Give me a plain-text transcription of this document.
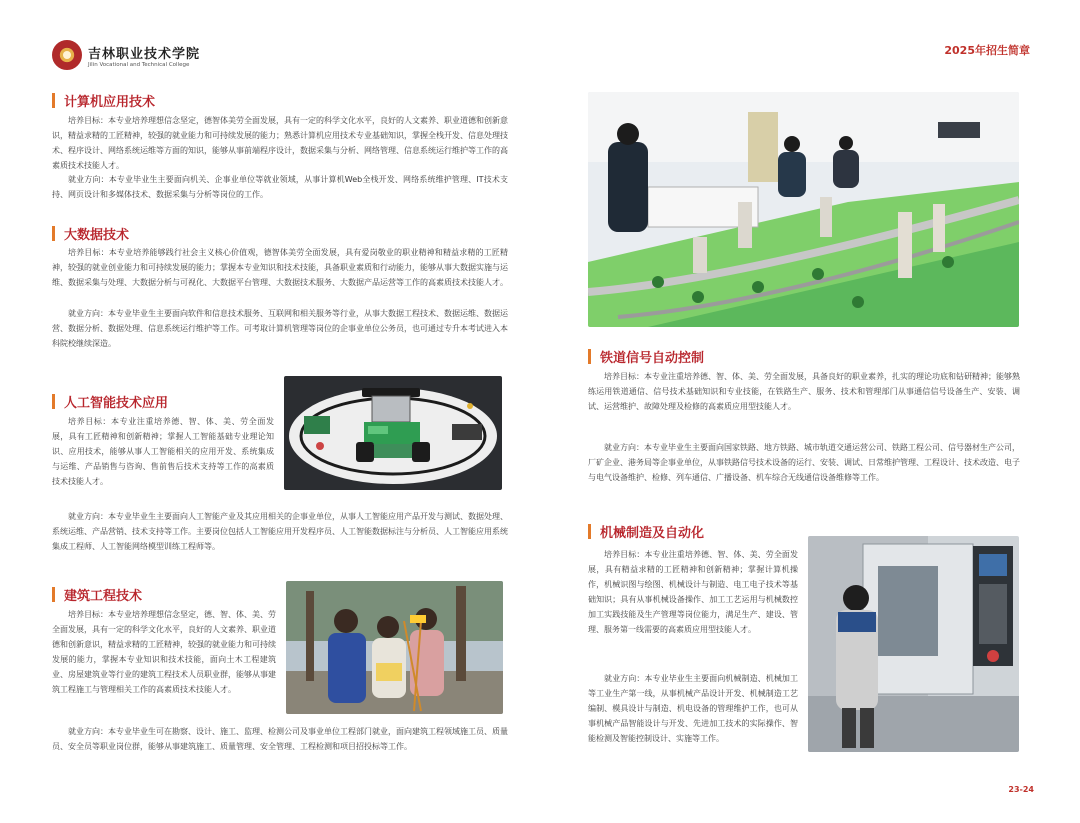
吉林职业技术学院
Jilin Vocational and Technical College
2025年招生简章
计算机应用技术

培养目标：本专业培养理想信念坚定，德智体美劳全面发展，具有一定的科学文化水平，良好的人文素养、职业道德和创新意识，精益求精的工匠精神，较强的就业能力和可持续发展的能力；熟悉计算机应用技术专业基础知识，掌握全栈开发、信息处理技术、程序设计、网络系统运维等方面的知识，能够从事前端程序设计，数据采集与分析、网络管理、信息系统运行维护等工作的高素质技术技能人才。

就业方向：本专业毕业生主要面向机关、企事业单位等就业领域，从事计算机Web全栈开发、网络系统维护管理、IT技术支持、网页设计和多媒体技术、数据采集与分析等岗位的工作。

大数据技术

培养目标：本专业培养能够践行社会主义核心价值观，德智体美劳全面发展，具有爱岗敬业的职业精神和精益求精的工匠精神，较强的就业创业能力和可持续发展的能力；掌握本专业知识和技术技能，具备职业素质和行动能力，能够从事大数据实施与运维、数据采集与处理、大数据分析与可视化、大数据平台管理、大数据技术服务、大数据产品运营等工作的高素质技术技能人才。

就业方向：本专业毕业生主要面向软件和信息技术服务、互联网和相关服务等行业，从事大数据工程技术、数据运维、数据运营、数据分析、数据处理、信息系统运行维护等工作。可考取计算机管理等岗位的企事业单位公务员，也可通过专升本考试进入本科院校继续深造。

人工智能技术应用

培养目标：本专业注重培养德、智、体、美、劳全面发展，具有工匠精神和创新精神；掌握人工智能基础专业理论知识、应用技术，能够从事人工智能相关的应用开发、系统集成与运维、产品销售与咨询、售前售后技术支持等工作的高素质技术技能人才。

就业方向：本专业毕业生主要面向人工智能产业及其应用相关的企事业单位，从事人工智能应用产品开发与测试、数据处理、系统运维、产品营销、技术支持等工作。主要岗位包括人工智能应用开发程序员、人工智能数据标注与分析员、人工智能应用系统集成工程师、人工智能网络模型训练工程师等。

建筑工程技术

培养目标：本专业培养理想信念坚定，德、智、体、美、劳全面发展，具有一定的科学文化水平，良好的人文素养、职业道德和创新意识，精益求精的工匠精神，较强的就业能力和可持续发展的能力，掌握本专业知识和技术技能，面向土木工程建筑业、房屋建筑业等行业的建筑工程技术人员职业群，能够从事建筑工程施工与管理相关工作的高素质技术技能人才。

就业方向：本专业毕业生可在勘察、设计、施工、监理、检测公司及事业单位工程部门就业，面向建筑工程领域施工员、质量员、安全员等职业岗位群，能够从事建筑施工、质量管理、安全管理、工程检测和项目招投标等工作。

铁道信号自动控制

培养目标：本专业注重培养德、智、体、美、劳全面发展，具备良好的职业素养，扎实的理论功底和钻研精神；能够熟练运用铁道通信、信号技术基础知识和专业技能，在铁路生产、服务、技术和管理部门从事通信信号设备生产、安装、调试、运营维护、故障处理及检修的高素质应用型技能人才。

就业方向：本专业毕业生主要面向国家铁路、地方铁路、城市轨道交通运营公司、铁路工程公司、信号器材生产公司，厂矿企业、港务局等企事业单位，从事铁路信号技术设备的运行、安装、调试、日常维护管理、工程设计、技术改造、电子与电气设备维护、检修、列车通信、广播设备、机车综合无线通信设备维修等工作。

机械制造及自动化

培养目标：本专业注重培养德、智、体、美、劳全面发展，具有精益求精的工匠精神和创新精神；掌握计算机操作，机械识图与绘图、机械设计与制造、电工电子技术等基础知识；具有从事机械设备操作、加工工艺运用与机械数控加工实践技能及生产管理等岗位能力，满足生产、建设、管理、服务第一线需要的高素质应用型技能人才。

就业方向：本专业毕业生主要面向机械制造、机械加工等工业生产第一线，从事机械产品设计开发、机械制造工艺编制、模具设计与制造、机电设备的管理维护工作，也可从事机械产品智能设计与开发、先进加工技术的实际操作、智能检测及智能控制设计、实施等工作。

23-24
